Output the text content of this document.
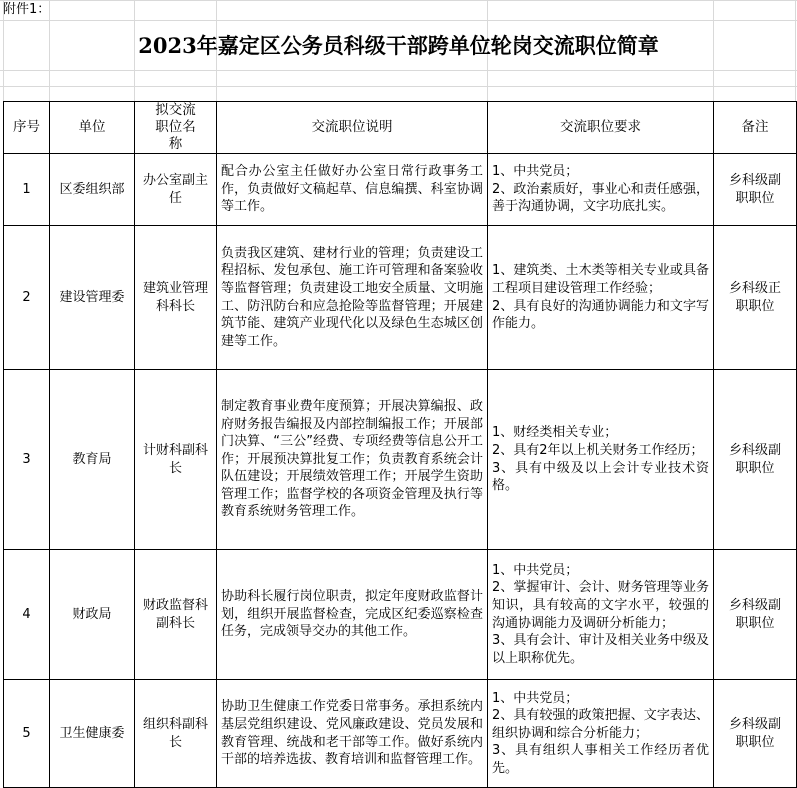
附件1：
2023年嘉定区公务员科级干部跨单位轮岗交流职位简章
序号	单位	拟交流职位名称	交流职位说明	交流职位要求	备注
1	区委组织部	办公室副主任	配合办公室主任做好办公室日常行政事务工作，负责做好文稿起草、信息编撰、科室协调等工作。	1、中共党员；
2、政治素质好，事业心和责任感强，善于沟通协调，文字功底扎实。	乡科级副职职位
2	建设管理委	建筑业管理科科长	负责我区建筑、建材行业的管理；负责建设工程招标、发包承包、施工许可管理和备案验收等监督管理；负责建设工地安全质量、文明施工、防汛防台和应急抢险等监督管理；开展建筑节能、建筑产业现代化以及绿色生态城区创建等工作。	1、建筑类、土木类等相关专业或具备工程项目建设管理工作经验；
2、具有良好的沟通协调能力和文字写作能力。	乡科级正职职位
3	教育局	计财科副科长	制定教育事业费年度预算；开展决算编报、政府财务报告编报及内部控制编报工作；开展部门决算、“三公”经费、专项经费等信息公开工作；开展预决算批复工作；负责教育系统会计队伍建设；开展绩效管理工作；开展学生资助管理工作；监督学校的各项资金管理及执行等教育系统财务管理工作。	1、财经类相关专业；
2、具有2年以上机关财务工作经历；
3、具有中级及以上会计专业技术资格。	乡科级副职职位
4	财政局	财政监督科副科长	协助科长履行岗位职责，拟定年度财政监督计划，组织开展监督检查，完成区纪委巡察检查任务，完成领导交办的其他工作。	1、中共党员；
2、掌握审计、会计、财务管理等业务知识，具有较高的文字水平，较强的沟通协调能力及调研分析能力；
3、具有会计、审计及相关业务中级及以上职称优先。	乡科级副职职位
5	卫生健康委	组织科副科长	协助卫生健康工作党委日常事务。承担系统内基层党组织建设、党风廉政建设、党员发展和教育管理、统战和老干部等工作。做好系统内干部的培养选拔、教育培训和监督管理工作。	1、中共党员；
2、具有较强的政策把握、文字表达、组织协调和综合分析能力；
3、具有组织人事相关工作经历者优先。	乡科级副职职位
